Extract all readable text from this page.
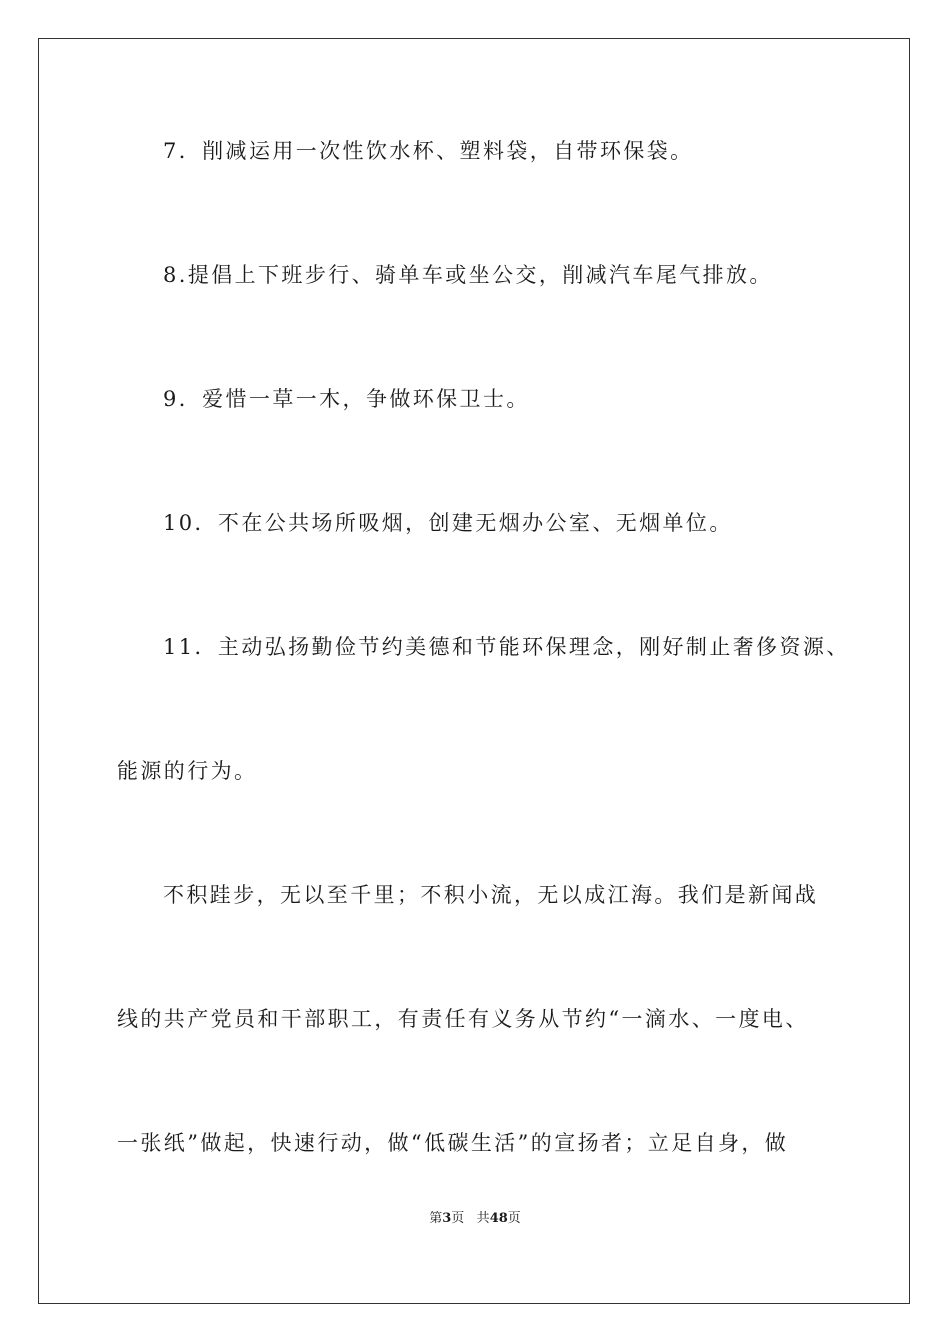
7．削减运用一次性饮水杯、塑料袋，自带环保袋。
8.提倡上下班步行、骑单车或坐公交，削减汽车尾气排放。
9．爱惜一草一木，争做环保卫士。
10．不在公共场所吸烟，创建无烟办公室、无烟单位。
11．主动弘扬勤俭节约美德和节能环保理念，刚好制止奢侈资源、
能源的行为。
不积跬步，无以至千里；不积小流，无以成江海。我们是新闻战
线的共产党员和干部职工，有责任有义务从节约“一滴水、一度电、
一张纸”做起，快速行动，做“低碳生活”的宣扬者；立足自身，做
第3页 共48页
